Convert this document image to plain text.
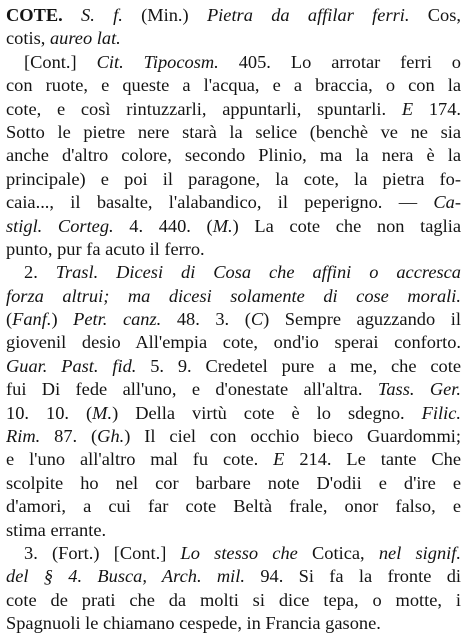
COTE. S. f. (Min.) Pietra da affilar ferri. Cos,
cotis, aureo lat.
[Cont.] Cit. Tipocosm. 405. Lo arrotar ferri o
con ruote, e queste a l'acqua, e a braccia, o con la
cote, e così rintuzzarli, appuntarli, spuntarli. E 174.
Sotto le pietre nere starà la selice (benchè ve ne sia
anche d'altro colore, secondo Plinio, ma la nera è la
principale) e poi il paragone, la cote, la pietra fo-
caia..., il basalte, l'alabandico, il peperigno. — Ca-
stigl. Corteg. 4. 440. (M.) La cote che non taglia
punto, pur fa acuto il ferro.
2. Trasl. Dicesi di Cosa che affini o accresca
forza altrui; ma dicesi solamente di cose morali.
(Fanf.) Petr. canz. 48. 3. (C) Sempre aguzzando il
giovenil desio All'empia cote, ond'io sperai conforto.
Guar. Past. fid. 5. 9. Credetel pure a me, che cote
fui Di fede all'uno, e d'onestate all'altra. Tass. Ger.
10. 10. (M.) Della virtù cote è lo sdegno. Filic.
Rim. 87. (Gh.) Il ciel con occhio bieco Guardommi;
e l'uno all'altro mal fu cote. E 214. Le tante Che
scolpite ho nel cor barbare note D'odii e d'ire e
d'amori, a cui far cote Beltà frale, onor falso, e
stima errante.
3. (Fort.) [Cont.] Lo stesso che Cotica, nel signif.
del § 4. Busca, Arch. mil. 94. Si fa la fronte di
cote de prati che da molti si dice tepa, o motte, i
Spagnuoli le chiamano cespede, in Francia gasone.
